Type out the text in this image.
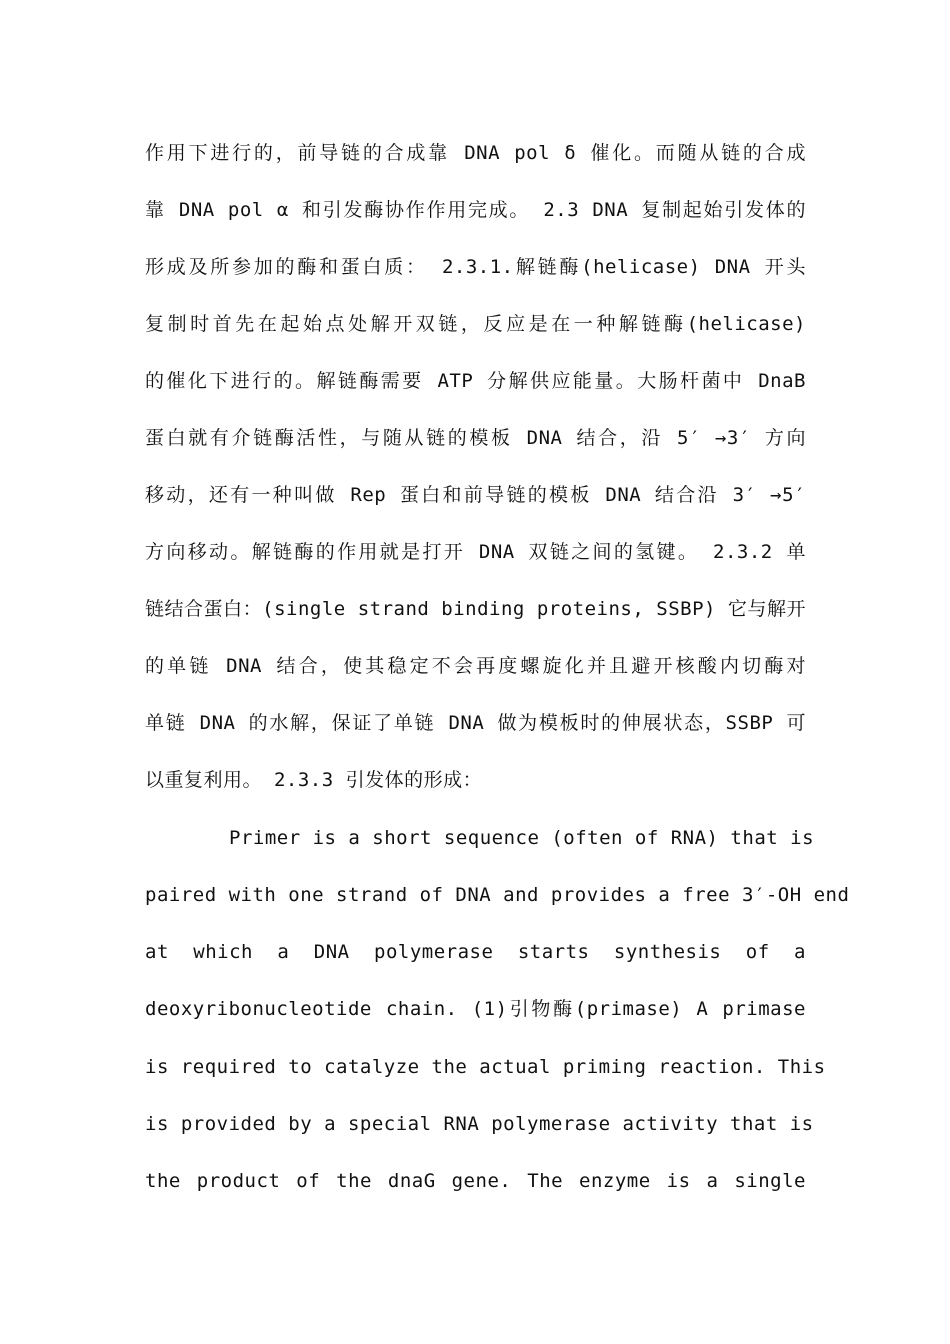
作用下进行的，前导链的合成靠 DNA pol δ 催化。而随从链的合成
靠 DNA pol α 和引发酶协作作用完成。 2.3 DNA 复制起始引发体的
形成及所参加的酶和蛋白质： 2.3.1.解链酶(helicase) DNA 开头
复制时首先在起始点处解开双链，反应是在一种解链酶(helicase)
的催化下进行的。解链酶需要 ATP 分解供应能量。大肠杆菌中 DnaB
蛋白就有介链酶活性，与随从链的模板 DNA 结合，沿 5′ →3′ 方向
移动，还有一种叫做 Rep 蛋白和前导链的模板 DNA 结合沿 3′ →5′
方向移动。解链酶的作用就是打开 DNA 双链之间的氢键。 2.3.2 单
链结合蛋白：(single strand binding proteins, SSBP) 它与解开
的单链 DNA 结合，使其稳定不会再度螺旋化并且避开核酸内切酶对
单链 DNA 的水解，保证了单链 DNA 做为模板时的伸展状态，SSBP 可
以重复利用。 2.3.3 引发体的形成：
Primer is a short sequence (often of RNA) that is
paired with one strand of DNA and provides a free 3′-OH end
at which a DNA polymerase starts synthesis of a
deoxyribonucleotide chain. (1)引物酶(primase) A primase
is required to catalyze the actual priming reaction. This
is provided by a special RNA polymerase activity that is
the product of the dnaG gene. The enzyme is a single
